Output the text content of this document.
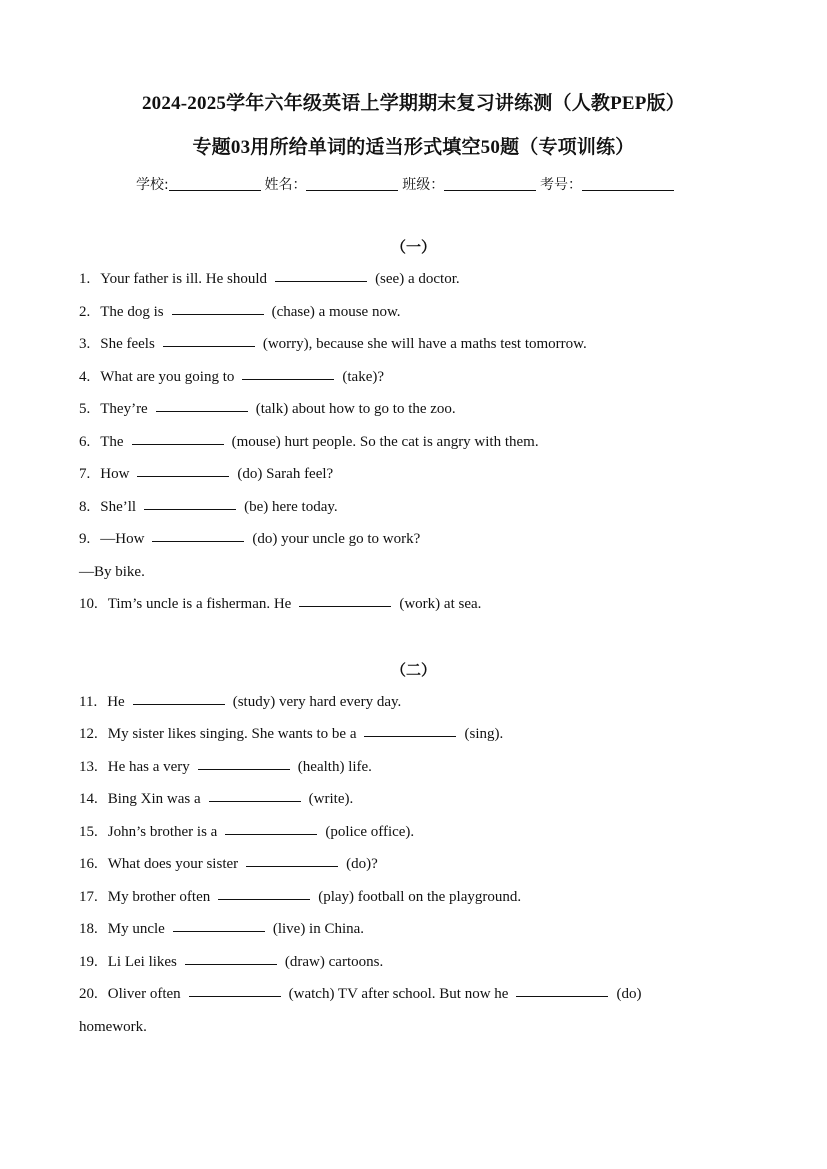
2024-2025学年六年级英语上学期期末复习讲练测（人教PEP版）
专题03用所给单词的适当形式填空50题（专项训练）
学校:	姓名：	班级：	考号：
（一）
1. Your father is ill. He should	(see) a doctor.
2. The dog is	(chase) a mouse now.
3. She feels	(worry), because she will have a maths test tomorrow.
4. What are you going to	(take)?
5. They’re	(talk) about how to go to the zoo.
6. The	(mouse) hurt people. So the cat is angry with them.
7. How	(do) Sarah feel?
8. She’ll	(be) here today.
9. —How	(do) your uncle go to work?
—By bike.
10. Tim’s uncle is a fisherman. He	(work) at sea.
（二）
11. He	(study) very hard every day.
12. My sister likes singing. She wants to be a	(sing).
13. He has a very	(health) life.
14. Bing Xin was a	(write).
15. John’s brother is a	(police office).
16. What does your sister	(do)?
17. My brother often	(play) football on the playground.
18. My uncle	(live) in China.
19. Li Lei likes	(draw) cartoons.
20. Oliver often	(watch) TV after school. But now he	(do)
homework.
